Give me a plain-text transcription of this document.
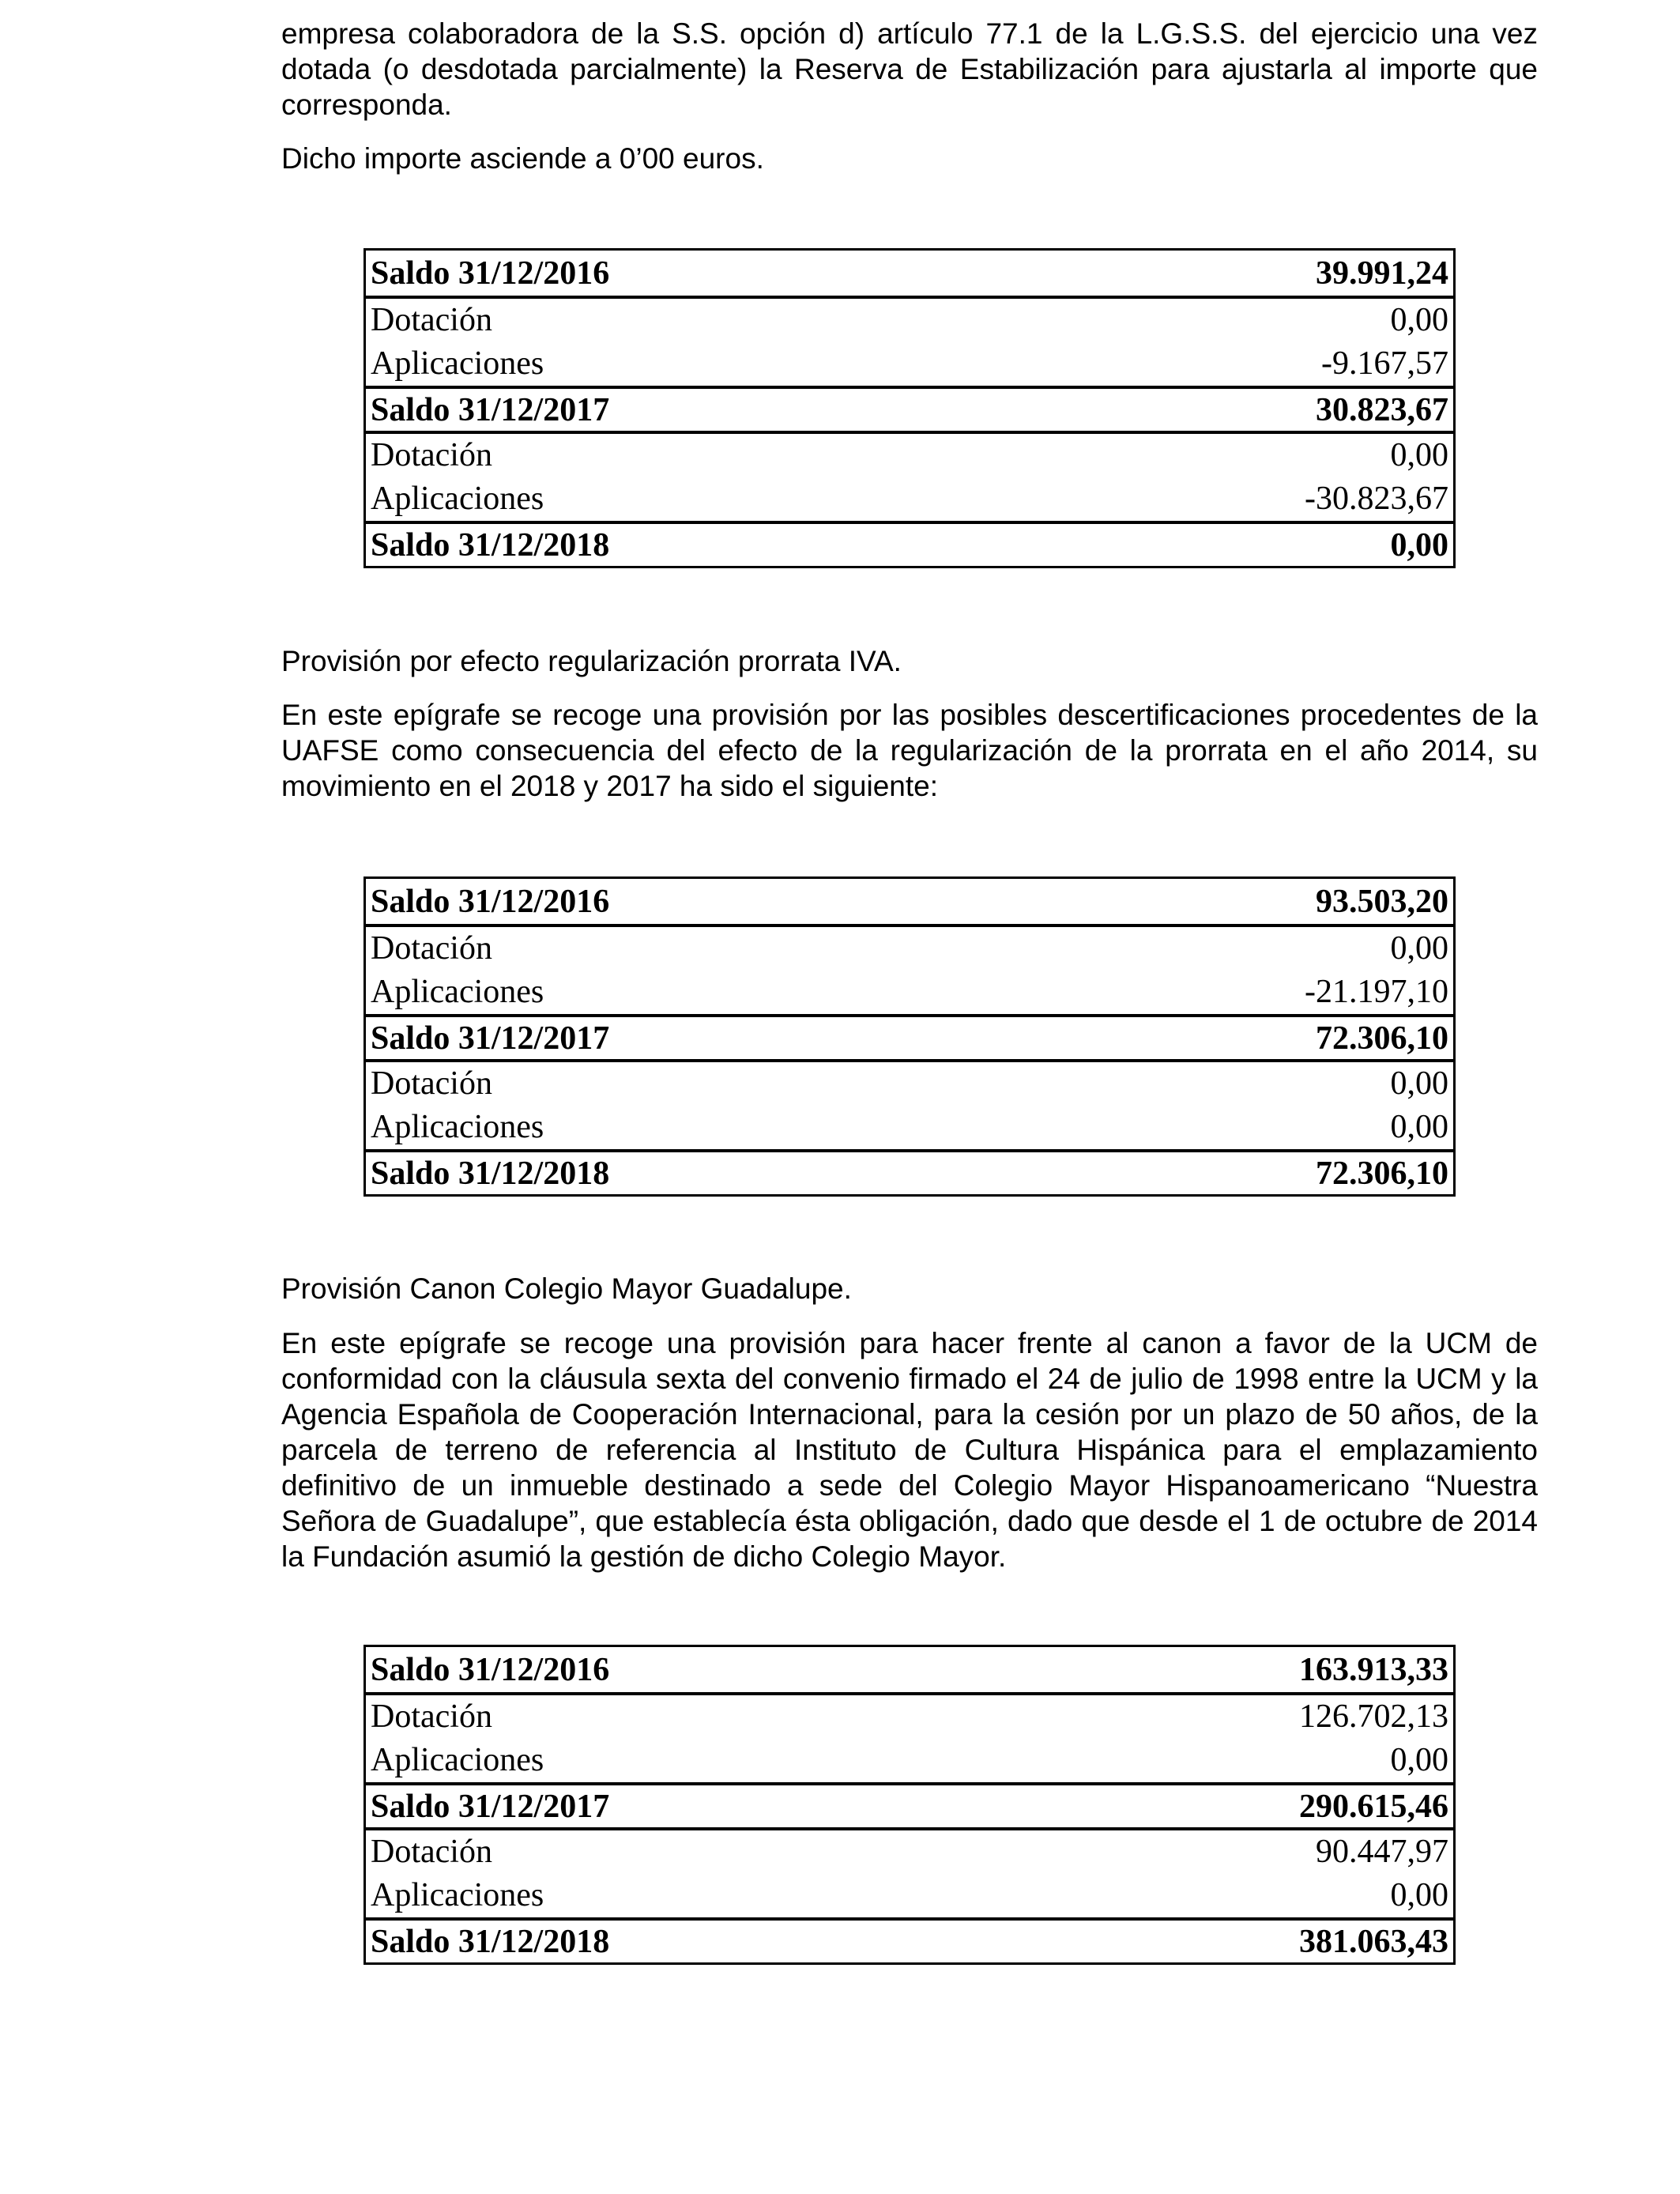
empresa colaboradora de la S.S. opción d) artículo 77.1 de la L.G.S.S. del ejercicio una vez dotada (o desdotada parcialmente) la Reserva de Estabilización para ajustarla al importe que corresponda.

Dicho importe asciende a 0’00 euros.

Saldo 31/12/2016	39.991,24
Dotación	0,00
Aplicaciones	-9.167,57
Saldo 31/12/2017	30.823,67
Dotación	0,00
Aplicaciones	-30.823,67
Saldo 31/12/2018	0,00

Provisión por efecto regularización prorrata IVA.

En este epígrafe se recoge una provisión por las posibles descertificaciones procedentes de la UAFSE como consecuencia del efecto de la regularización de la prorrata en el año 2014, su movimiento en el 2018 y 2017 ha sido el siguiente:

Saldo 31/12/2016	93.503,20
Dotación	0,00
Aplicaciones	-21.197,10
Saldo 31/12/2017	72.306,10
Dotación	0,00
Aplicaciones	0,00
Saldo 31/12/2018	72.306,10

Provisión Canon Colegio Mayor Guadalupe.

En este epígrafe se recoge una provisión para hacer frente al canon a favor de la UCM de conformidad con la cláusula sexta del convenio firmado el 24 de julio de 1998 entre la UCM y la Agencia Española de Cooperación Internacional, para la cesión por un plazo de 50 años, de la parcela de terreno de referencia al Instituto de Cultura Hispánica para el emplazamiento definitivo de un inmueble destinado a sede del Colegio Mayor Hispanoamericano “Nuestra Señora de Guadalupe”, que establecía ésta obligación, dado que desde el 1 de octubre de 2014 la Fundación asumió la gestión de dicho Colegio Mayor.

Saldo 31/12/2016	163.913,33
Dotación	126.702,13
Aplicaciones	0,00
Saldo 31/12/2017	290.615,46
Dotación	90.447,97
Aplicaciones	0,00
Saldo 31/12/2018	381.063,43
